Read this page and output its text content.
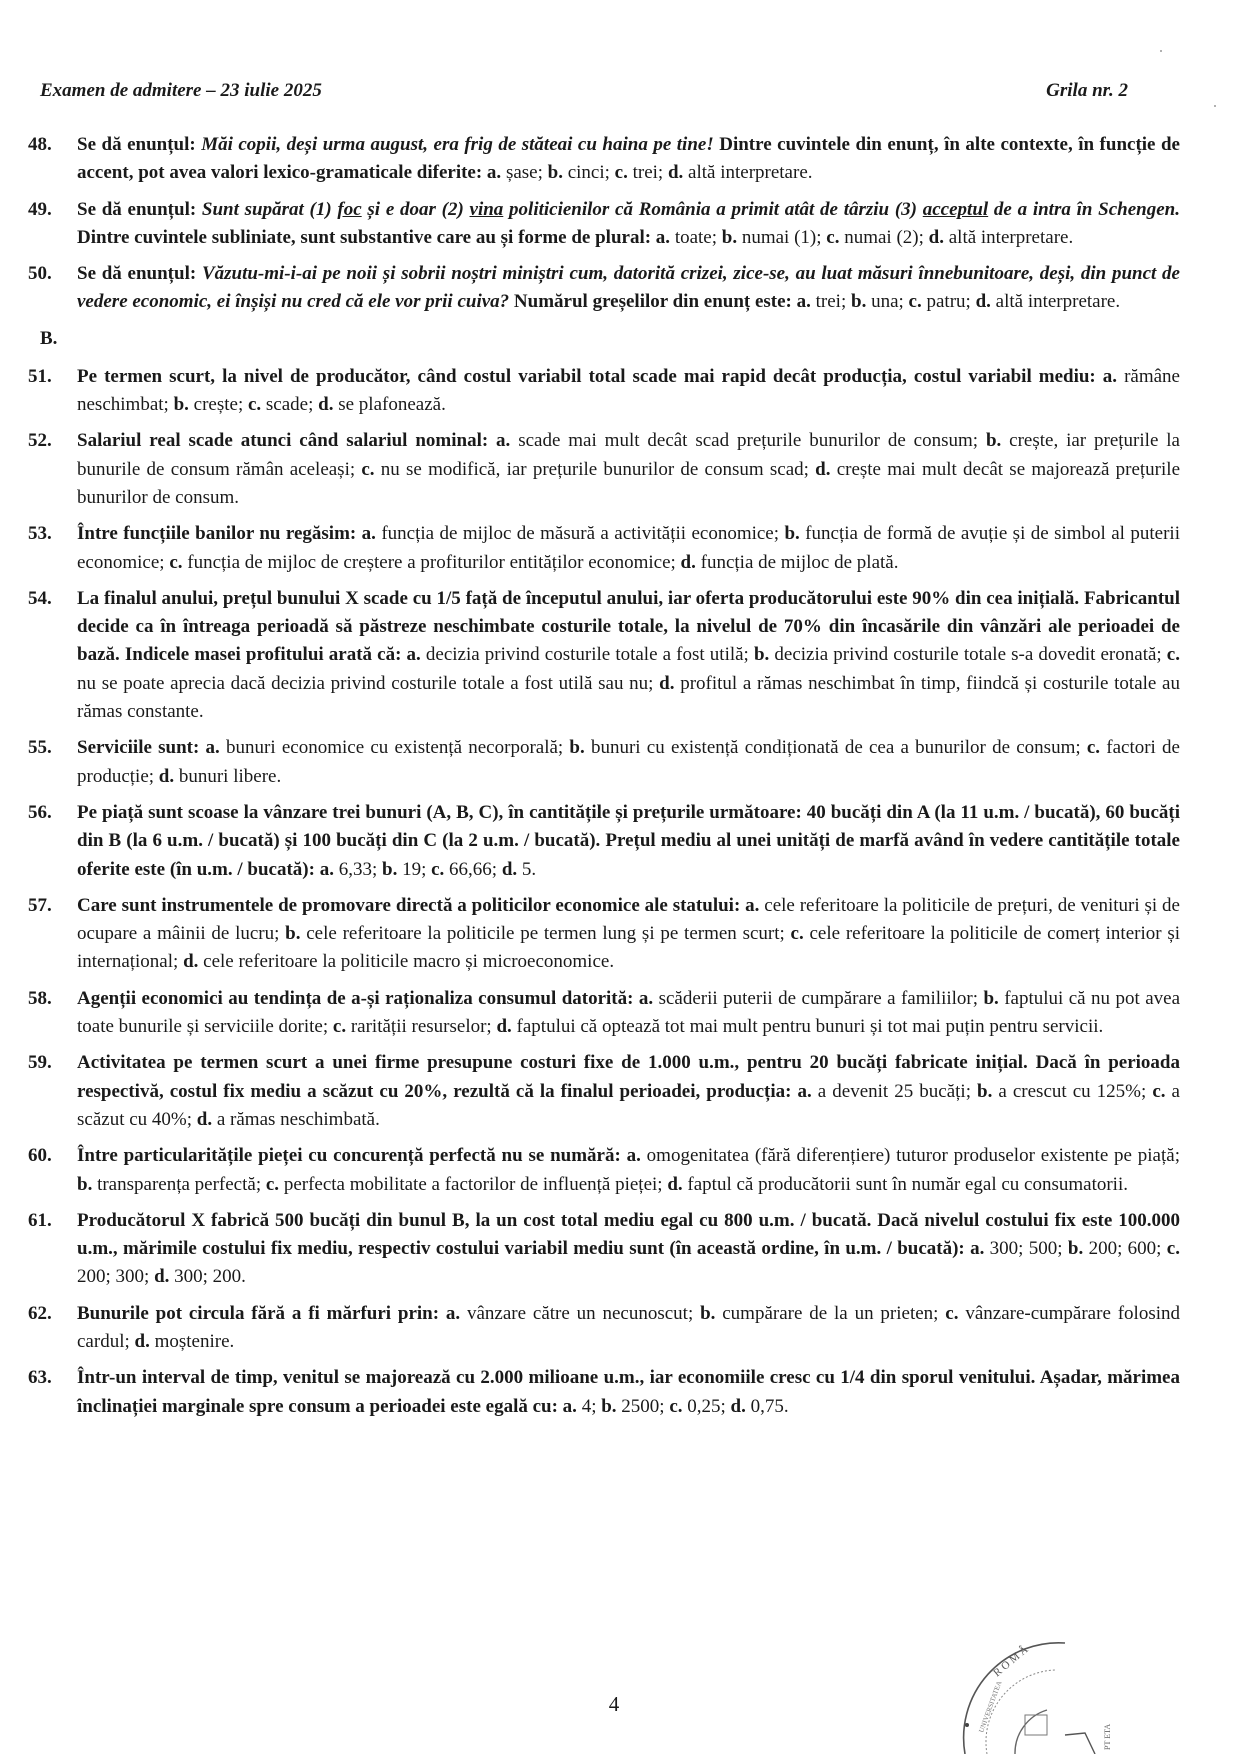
Examen de admitere – 23 iulie 2025	Grila nr. 2
48.	Se dă enunțul: Măi copii, deși urma august, era frig de stăteai cu haina pe tine! Dintre cuvintele din enunț, în alte contexte, în funcție de accent, pot avea valori lexico-gramaticale diferite: a. șase; b. cinci; c. trei; d. altă interpretare.
49.	Se dă enunțul: Sunt supărat (1) foc și e doar (2) vina politicienilor că România a primit atât de târziu (3) acceptul de a intra în Schengen. Dintre cuvintele subliniate, sunt substantive care au și forme de plural: a. toate; b. numai (1); c. numai (2); d. altă interpretare.
50.	Se dă enunțul: Văzutu-mi-i-ai pe noii și sobrii noștri miniștri cum, datorită crizei, zice-se, au luat măsuri înnebunitoare, deși, din punct de vedere economic, ei înșiși nu cred că ele vor prii cuiva? Numărul greșelilor din enunț este: a. trei; b. una; c. patru; d. altă interpretare.
B.
51.	Pe termen scurt, la nivel de producător, când costul variabil total scade mai rapid decât producția, costul variabil mediu: a. rămâne neschimbat; b. crește; c. scade; d. se plafonează.
52.	Salariul real scade atunci când salariul nominal: a. scade mai mult decât scad prețurile bunurilor de consum; b. crește, iar prețurile la bunurile de consum rămân aceleași; c. nu se modifică, iar prețurile bunurilor de consum scad; d. crește mai mult decât se majorează prețurile bunurilor de consum.
53.	Între funcțiile banilor nu regăsim: a. funcția de mijloc de măsură a activității economice; b. funcția de formă de avuție și de simbol al puterii economice; c. funcția de mijloc de creștere a profiturilor entităților economice; d. funcția de mijloc de plată.
54.	La finalul anului, prețul bunului X scade cu 1/5 față de începutul anului, iar oferta producătorului este 90% din cea inițială. Fabricantul decide ca în întreaga perioadă să păstreze neschimbate costurile totale, la nivelul de 70% din încasările din vânzări ale perioadei de bază. Indicele masei profitului arată că: a. decizia privind costurile totale a fost utilă; b. decizia privind costurile totale s-a dovedit eronată; c. nu se poate aprecia dacă decizia privind costurile totale a fost utilă sau nu; d. profitul a rămas neschimbat în timp, fiindcă și costurile totale au rămas constante.
55.	Serviciile sunt: a. bunuri economice cu existență necorporală; b. bunuri cu existență condiționată de cea a bunurilor de consum; c. factori de producție; d. bunuri libere.
56.	Pe piață sunt scoase la vânzare trei bunuri (A, B, C), în cantitățile și prețurile următoare: 40 bucăți din A (la 11 u.m. / bucată), 60 bucăți din B (la 6 u.m. / bucată) și 100 bucăți din C (la 2 u.m. / bucată). Prețul mediu al unei unități de marfă având în vedere cantitățile totale oferite este (în u.m. / bucată): a. 6,33; b. 19; c. 66,66; d. 5.
57.	Care sunt instrumentele de promovare directă a politicilor economice ale statului: a. cele referitoare la politicile de prețuri, de venituri și de ocupare a mâinii de lucru; b. cele referitoare la politicile pe termen lung și pe termen scurt; c. cele referitoare la politicile de comerț interior și internațional; d. cele referitoare la politicile macro și microeconomice.
58.	Agenții economici au tendința de a-și raționaliza consumul datorită: a. scăderii puterii de cumpărare a familiilor; b. faptului că nu pot avea toate bunurile și serviciile dorite; c. rarității resurselor; d. faptului că optează tot mai mult pentru bunuri și tot mai puțin pentru servicii.
59.	Activitatea pe termen scurt a unei firme presupune costuri fixe de 1.000 u.m., pentru 20 bucăți fabricate inițial. Dacă în perioada respectivă, costul fix mediu a scăzut cu 20%, rezultă că la finalul perioadei, producția: a. a devenit 25 bucăți; b. a crescut cu 125%; c. a scăzut cu 40%; d. a rămas neschimbată.
60.	Între particularitățile pieței cu concurență perfectă nu se numără: a. omogenitatea (fără diferențiere) tuturor produselor existente pe piață; b. transparența perfectă; c. perfecta mobilitate a factorilor de influență pieței; d. faptul că producătorii sunt în număr egal cu consumatorii.
61.	Producătorul X fabrică 500 bucăți din bunul B, la un cost total mediu egal cu 800 u.m. / bucată. Dacă nivelul costului fix este 100.000 u.m., mărimile costului fix mediu, respectiv costului variabil mediu sunt (în această ordine, în u.m. / bucată): a. 300; 500; b. 200; 600; c. 200; 300; d. 300; 200.
62.	Bunurile pot circula fără a fi mărfuri prin: a. vânzare către un necunoscut; b. cumpărare de la un prieten; c. vânzare-cumpărare folosind cardul; d. moștenire.
63.	Într-un interval de timp, venitul se majorează cu 2.000 milioane u.m., iar economiile cresc cu 1/4 din sporul venitului. Așadar, mărimea înclinației marginale spre consum a perioadei este egală cu: a. 4; b. 2500; c. 0,25; d. 0,75.
4
R O M Â
UNIVERSITATEA
PT ETA
